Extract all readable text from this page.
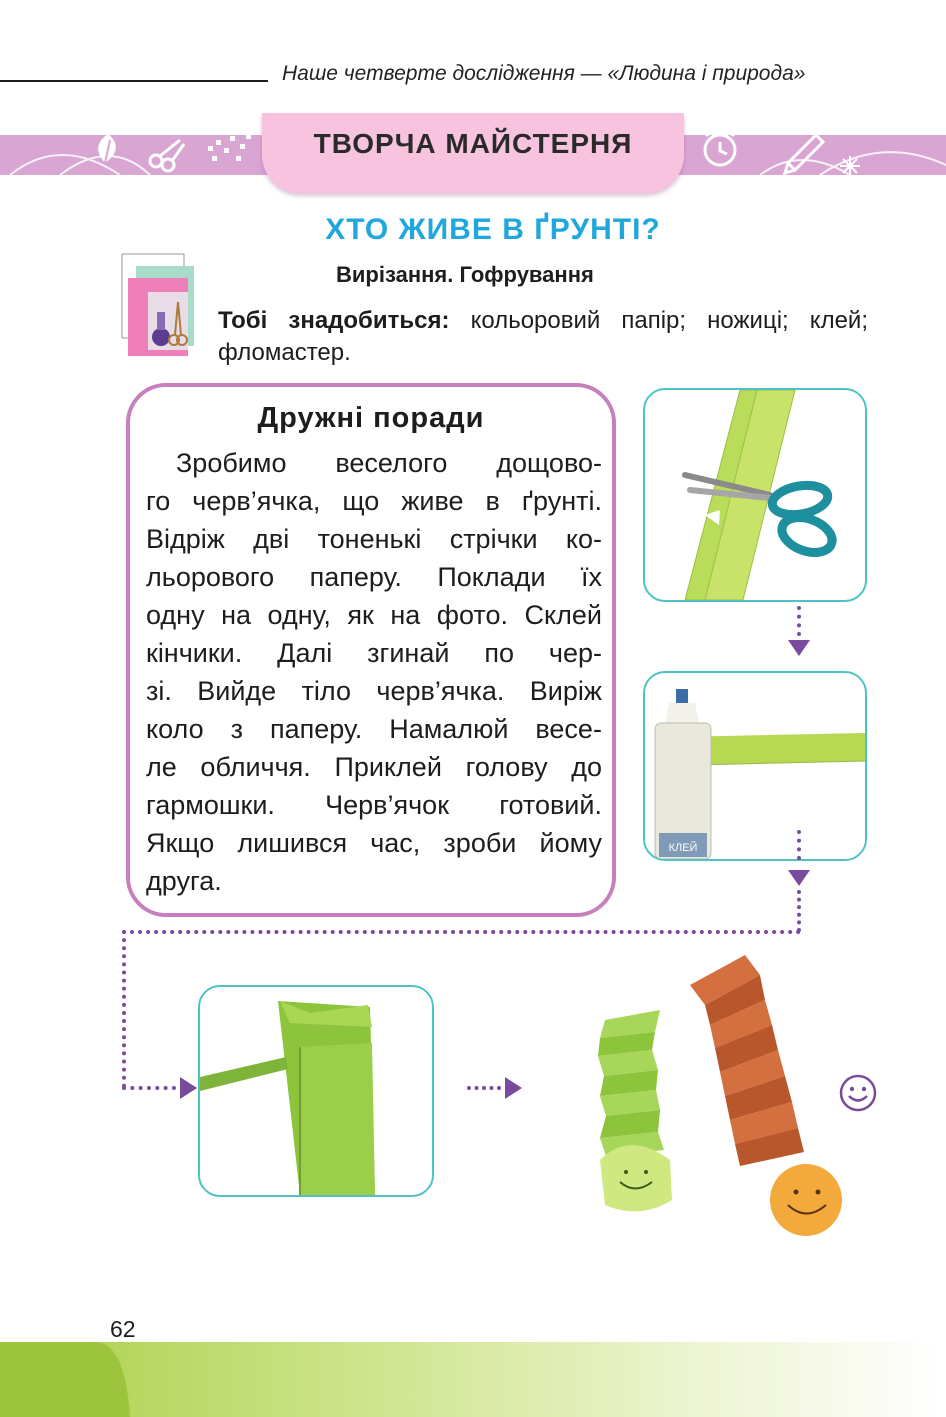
Наше четверте дослідження — «Людина і природа»
ТВОРЧА МАЙСТЕРНЯ
ХТО ЖИВЕ В ҐРУНТІ?
Вирізання. Гофрування
Тобі знадобиться: кольоровий папір; ножиці; клей; фломастер.
Дружні поради
Зробимо веселого дощово-
го черв’ячка, що живе в ґрунті.
Відріж дві тоненькі стрічки ко-
льорового паперу. Поклади їх
одну на одну, як на фото. Склей
кінчики. Далі згинай по чер-
зі. Вийде тіло черв’ячка. Виріж
коло з паперу. Намалюй весе-
ле обличчя. Приклей голову до
гармошки. Черв’ячок готовий.
Якщо лишився час, зроби йому
друга.
КЛЕЙ
62
